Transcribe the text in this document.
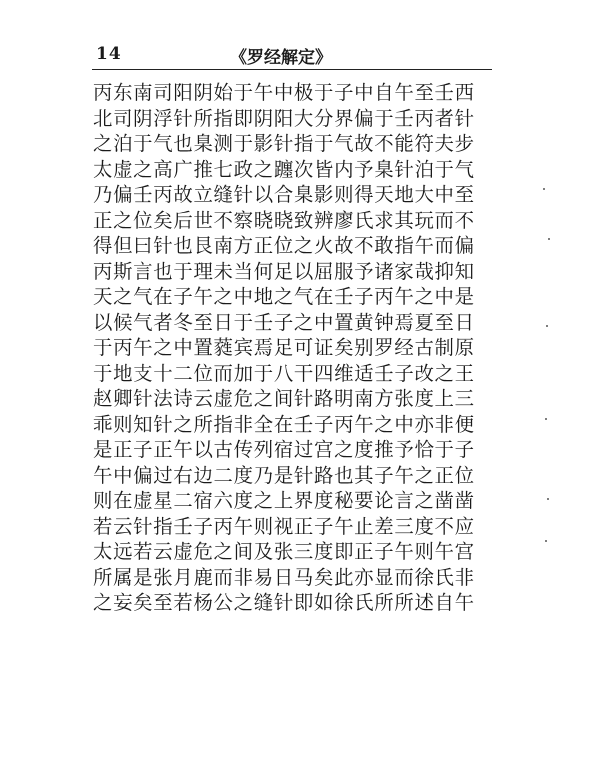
14	《罗经解定》
丙东南司阳阴始于午中极于子中自午至壬西
北司阴浮针所指即阴阳大分界偏于壬丙者针
之泊于气也臬测于影针指于气故不能符夫步
太虚之高广推七政之躔次皆内予臬针泊于气
乃偏壬丙故立缝针以合臬影则得天地大中至
正之位矣后世不察晓晓致辨廖氏求其玩而不
得但曰针也艮南方正位之火故不敢指午而偏
丙斯言也于理未当何足以屈服予诸家哉抑知
天之气在子午之中地之气在壬子丙午之中是
以候气者冬至日于壬子之中置黄钟焉夏至日
于丙午之中置蕤宾焉足可证矣别罗经古制原
于地支十二位而加于八干四维适壬子改之王
赵卿针法诗云虚危之间针路明南方张度上三
乖则知针之所指非全在壬子丙午之中亦非便
是正子正午以古传列宿过宫之度推予恰于子
午中偏过右边二度乃是针路也其子午之正位
则在虚星二宿六度之上界度秘要论言之凿凿
若云针指壬子丙午则视正子午止差三度不应
太远若云虚危之间及张三度即正子午则午宫
所属是张月鹿而非易日马矣此亦显而徐氏非
之妄矣至若杨公之缝针即如徐氏所所述自午
